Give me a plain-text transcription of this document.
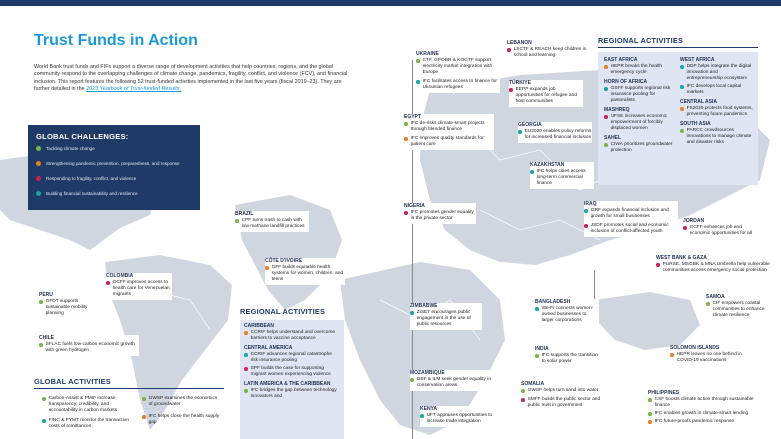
Trust Funds in Action
World Bank trust funds and FIFs support a diverse range of development activities that help countries, regions, and the global community respond to the overlapping challenges of climate change, pandemics, fragility, conflict, and violence (FCV), and financial inclusion. This report features the following 52 trust-funded activities implemented in the last five years (fiscal 2019–23). They are further detailed in the 2023 Yearbook of Trust-funded Results.
GLOBAL CHALLENGES:
Tackling climate change
Strengthening pandemic prevention, preparedness, and response
Responding to fragility, conflict, and violence
Building financial sustainability and resilience
PERU
GFDT supports sustainable mobility planning
CHILE
SFLAC fuels low-carbon economic growth with green hydrogen
COLOMBIA
GCFF improves access to health care for Venezuelan migrants
BRAZIL
CPF turns trash to cash with low-methane landfill practices
CÔTE D'IVOIRE
GFF builds equitable health systems for women, children, and teens
REGIONAL ACTIVITIES
CARIBBEAN
CCRIF helps understand and overcome barriers to vaccine acceptance
CENTRAL AMERICA
CCRIF advances regional catastrophe risk insurance pooling
SPF builds the case for supporting migrant women experiencing violence
LATIN AMERICA & THE CARIBBEAN
IFC bridges the gap between technology innovators and
GLOBAL ACTIVITIES
Carbon-Assist & PMIF increase transparency, credibility, and accountability in carbon markets
FINC & PYMT monitor the transaction costs of remittances
GWSP examines the economics of groundwater
IFC helps close the health supply gap
NIGERIA
IFC promotes gender equality in the private sector
ZIMBABWE
ZISET encourages public engagement in the use of public resources
MOZAMBIQUE
GEF & ILM seek gender equality in conservation areas
KENYA
UFT appraises opportunities to increase trade integration
SOMALIA
GWSP helps turn sand into water
SMFF builds the public sector and public trust in government
EGYPT
IFC de-risks climate-smart projects through blended finance
IFC improves quality standards for patient care
UKRAINE
CTF, GPOBR & KOGTF support electricity market integration with Europe
IFC facilitates access to finance for Ukrainian refugees
LEBANON
LSCTF & REACH keep children in school and learning
TÜRKIYE
EEPP expands job opportunities for refugee and host communities
GEORGIA
EU2020 enables policy reforms for increased financial inclusion
KAZAKHSTAN
IFC helps cities access long-term commercial finance
IRAQ
I3RF expands financial inclusion and growth for small businesses
JSDF promotes social and economic inclusion of conflict-affected youth
JORDAN
GCFF enhances job and economic opportunities for all
WEST BANK & GAZA
PURSE, MSGBK & MNA Umbrella help vulnerable communities access emergency social protection
BANGLADESH
We-Fi connects women-owned businesses to larger corporations
INDIA
IFC supports the transition to solar power
SAMOA
CIF empowers coastal communities to enhance climate resilience
SOLOMON ISLANDS
HEPR leaves no one behind in COVID-19 vaccinations
PHILIPPINES
CSF boosts climate action through sustainable finance
IFC enables growth in climate-smart lending
IFC future-proofs pandemic response
REGIONAL ACTIVITIES
EAST AFRICA
HEPR breaks the health emergency cycle
HORN OF AFRICA
GSFF supports regional risk insurance pooling for pastoralists
MASHREQ
UFSE increases economic empowerment of forcibly displaced women
SAHEL
CIWA prioritizes groundwater protection
WEST AFRICA
DDP helps integrate the digital innovation and entrepreneurship ecosystem
IFC develops local capital markets
CENTRAL ASIA
FS2030 protects food systems, preventing future pandemics
SOUTH ASIA
PARCC crowdsources innovations to manage climate and disaster risks
